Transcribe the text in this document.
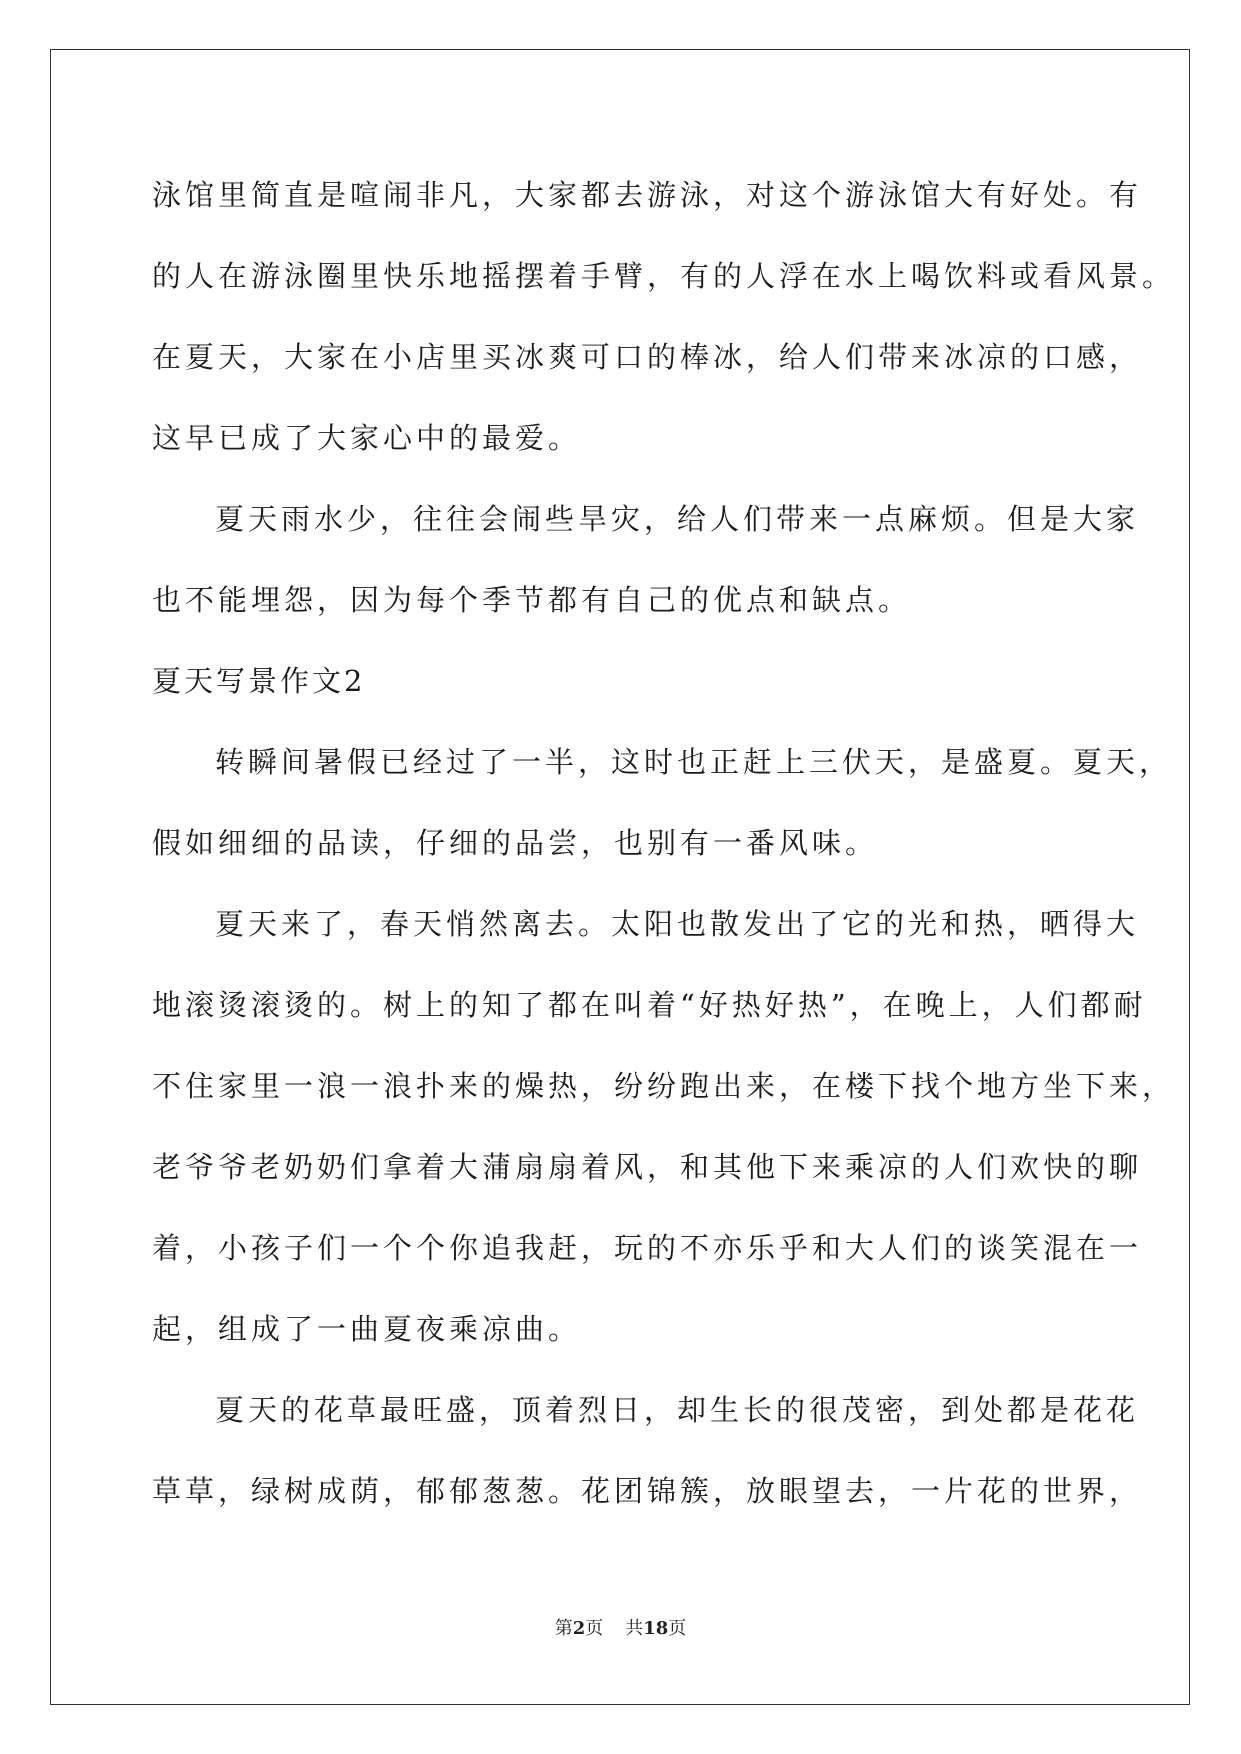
泳馆里简直是喧闹非凡，大家都去游泳，对这个游泳馆大有好处。有
的人在游泳圈里快乐地摇摆着手臂，有的人浮在水上喝饮料或看风景。
在夏天，大家在小店里买冰爽可口的棒冰，给人们带来冰凉的口感，
这早已成了大家心中的最爱。
夏天雨水少，往往会闹些旱灾，给人们带来一点麻烦。但是大家
也不能埋怨，因为每个季节都有自己的优点和缺点。
夏天写景作文2
转瞬间暑假已经过了一半，这时也正赶上三伏天，是盛夏。夏天，
假如细细的品读，仔细的品尝，也别有一番风味。
夏天来了，春天悄然离去。太阳也散发出了它的光和热，晒得大
地滚烫滚烫的。树上的知了都在叫着“好热好热”，在晚上，人们都耐
不住家里一浪一浪扑来的燥热，纷纷跑出来，在楼下找个地方坐下来，
老爷爷老奶奶们拿着大蒲扇扇着风，和其他下来乘凉的人们欢快的聊
着，小孩子们一个个你追我赶，玩的不亦乐乎和大人们的谈笑混在一
起，组成了一曲夏夜乘凉曲。
夏天的花草最旺盛，顶着烈日，却生长的很茂密，到处都是花花
草草，绿树成荫，郁郁葱葱。花团锦簇，放眼望去，一片花的世界，
第2页 共18页
